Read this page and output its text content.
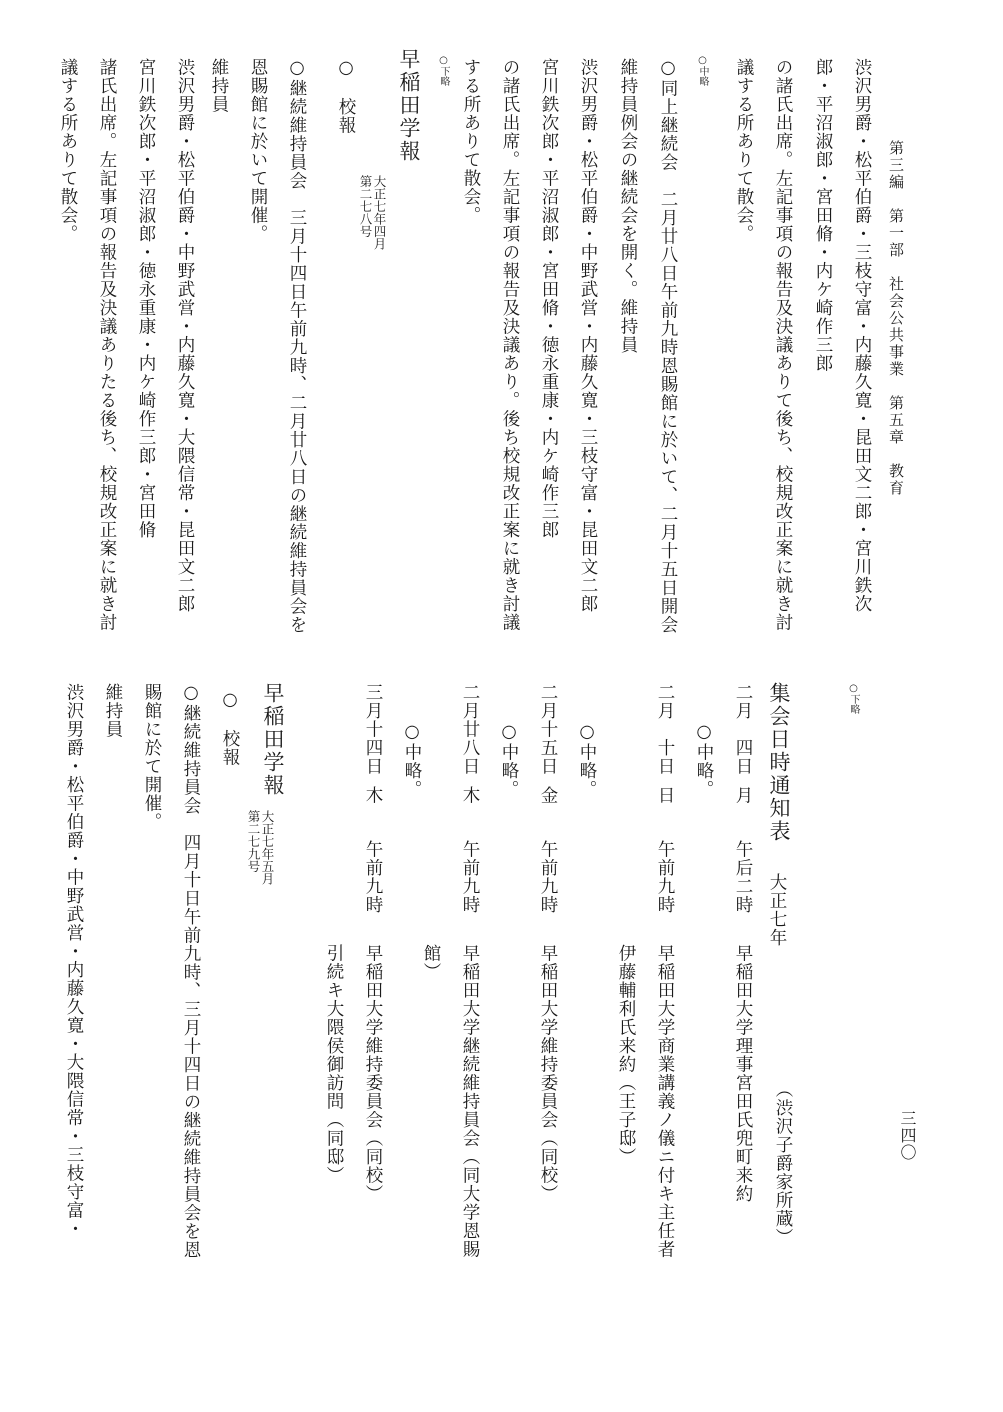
第三編　第一部　社会公共事業　第五章　教育
三四〇
渋沢男爵・松平伯爵・三枝守富・内藤久寛・昆田文二郎・宮川鉄次
郎・平沼淑郎・宮田脩・内ケ崎作三郎
の諸氏出席。左記事項の報告及決議ありて後ち、校規改正案に就き討
議する所ありて散会。
○中略
○同上継続会　二月廿八日午前九時恩賜館に於いて、二月十五日開会
維持員例会の継続会を開く。維持員
渋沢男爵・松平伯爵・中野武営・内藤久寛・三枝守富・昆田文二郎
宮川鉄次郎・平沼淑郎・宮田脩・徳永重康・内ケ崎作三郎
の諸氏出席。左記事項の報告及決議あり。後ち校規改正案に就き討議
する所ありて散会。
○下略
早稲田学報
第二七八号 大正七年四月
○　校報
○継続維持員会　三月十四日午前九時、二月廿八日の継続維持員会を
恩賜館に於いて開催。
維持員
渋沢男爵・松平伯爵・中野武営・内藤久寛・大隈信常・昆田文二郎
宮川鉄次郎・平沼淑郎・徳永重康・内ケ崎作三郎・宮田脩
諸氏出席。左記事項の報告及決議ありたる後ち、校規改正案に就き討
議する所ありて散会。
○下略
集会日時通知表
大正七年
（渋沢子爵家所蔵）
二月　四日
月
午后二時
早稲田大学理事宮田氏兜町来約
○中略。
二月　十日
日
午前九時
早稲田大学商業講義ノ儀ニ付キ主任者
伊藤輔利氏来約（王子邸）
○中略。
二月十五日
金
午前九時
早稲田大学維持委員会（同校）
○中略。
二月廿八日
木
午前九時
早稲田大学継続維持員会（同大学恩賜
館）
○中略。
三月十四日
木
午前九時
早稲田大学維持委員会（同校）
引続キ大隈侯御訪問（同邸）
早稲田学報
第二七九号 大正七年五月
○　校報
○継続維持員会　四月十日午前九時、三月十四日の継続維持員会を恩
賜館に於て開催。
維持員
渋沢男爵・松平伯爵・中野武営・内藤久寛・大隈信常・三枝守富・
